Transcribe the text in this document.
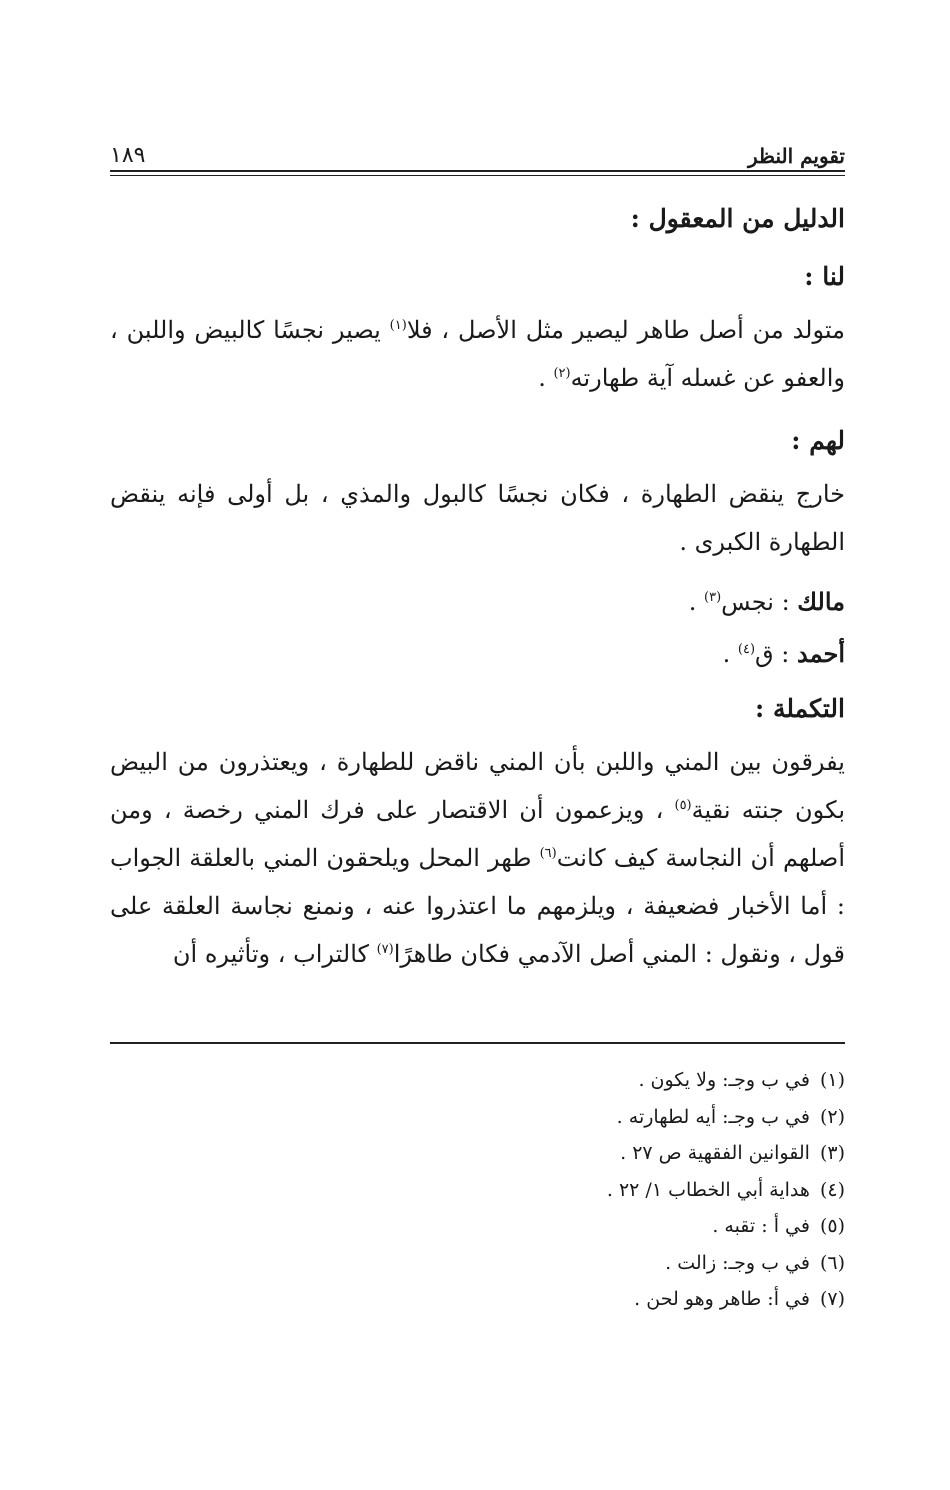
تقويم النظر
١٨٩

الدليل من المعقول :

لنا :

متولد من أصل طاهر ليصير مثل الأصل ، فلا$^{(١)}$ يصير نجسًا كالبيض واللبن ، والعفو عن غسله آية طهارته$^{(٢)}$ .

لهم :

خارج ينقض الطهارة ، فكان نجسًا كالبول والمذي ، بل أولى فإنه ينقض الطهارة الكبرى .

مالك : نجس$^{(٣)}$ .

أحمد : ق$^{(٤)}$ .

التكملة :

يفرقون بين المني واللبن بأن المني ناقض للطهارة ، ويعتذرون من البيض بكون جنته نقية$^{(٥)}$ ، ويزعمون أن الاقتصار على فرك المني رخصة ، ومن أصلهم أن النجاسة كيف كانت$^{(٦)}$ طهر المحل ويلحقون المني بالعلقة الجواب : أما الأخبار فضعيفة ، ويلزمهم ما اعتذروا عنه ، ونمنع نجاسة العلقة على قول ، ونقول : المني أصل الآدمي فكان طاهرًا$^{(٧)}$ كالتراب ، وتأثيره أن

(١)في ب وجـ: ولا يكون .

(٢)في ب وجـ: أيه لطهارته .

(٣)القوانين الفقهية ص ٢٧ .

(٤)هداية أبي الخطاب ١/ ٢٢ .

(٥)في أ : تقبه .

(٦)في ب وجـ: زالت .

(٧)في أ: طاهر وهو لحن .
